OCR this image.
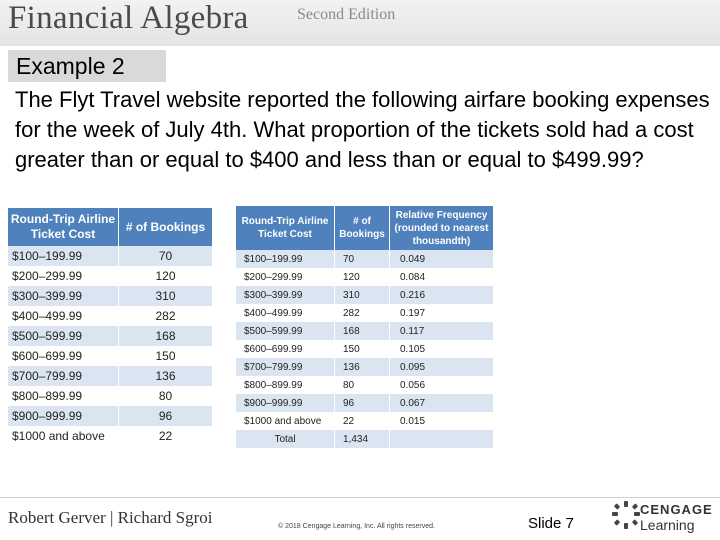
Financial Algebra	Second Edition
Example 2
The Flyt Travel website reported the following airfare booking expenses for the week of July 4th. What proportion of the tickets sold had a cost greater than or equal to $400 and less than or equal to $499.99?
Round-Trip Airline Ticket Cost	# of Bookings
$100–199.99	70
$200–299.99	120
$300–399.99	310
$400–499.99	282
$500–599.99	168
$600–699.99	150
$700–799.99	136
$800–899.99	80
$900–999.99	96
$1000 and above	22
Round-Trip Airline Ticket Cost	# of Bookings	Relative Frequency (rounded to nearest thousandth)
$100–199.99	70	0.049
$200–299.99	120	0.084
$300–399.99	310	0.216
$400–499.99	282	0.197
$500–599.99	168	0.117
$600–699.99	150	0.105
$700–799.99	136	0.095
$800–899.99	80	0.056
$900–999.99	96	0.067
$1000 and above	22	0.015
Total	1,434	
Robert Gerver | Richard Sgroi	© 2018 Cengage Learning, Inc. All rights reserved.	Slide 7
CENGAGE
Learning
